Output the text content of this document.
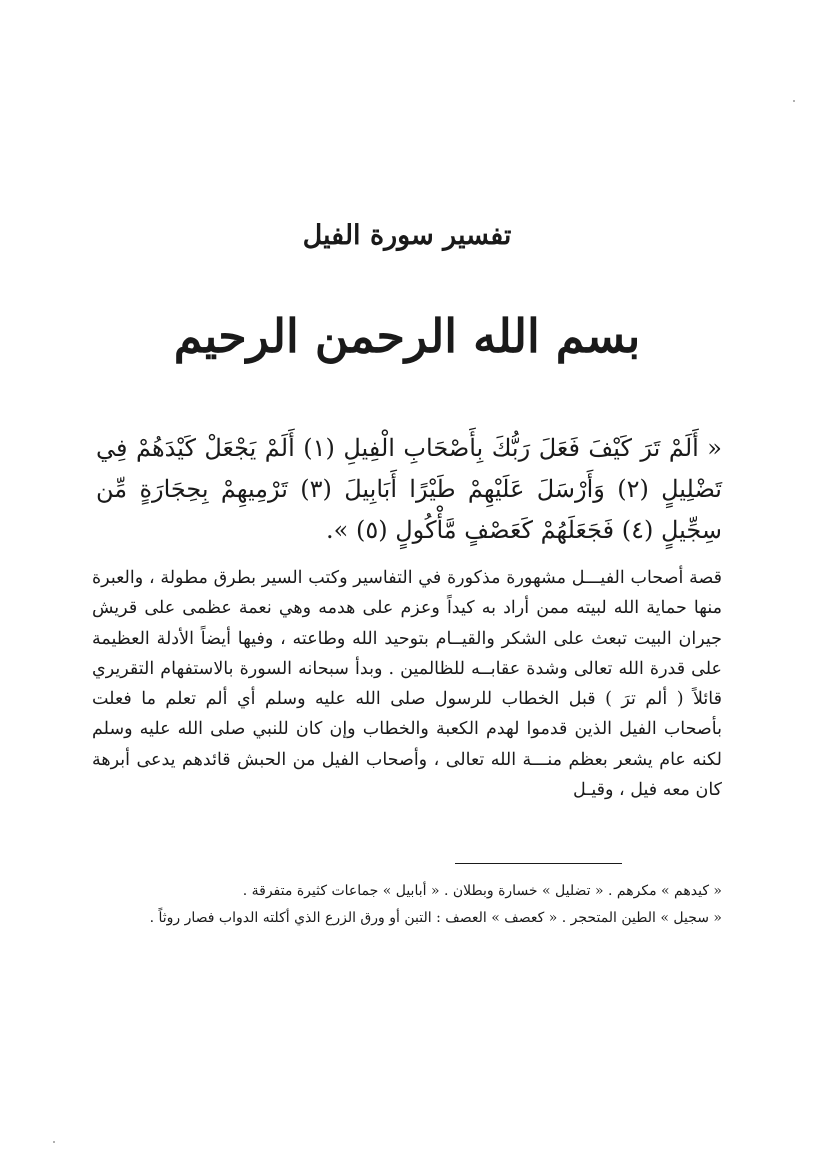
تفسير سورة الفيل
بسم الله الرحمن الرحيم
« أَلَمْ تَرَ كَيْفَ فَعَلَ رَبُّكَ بِأَصْحَابِ الْفِيلِ (١) أَلَمْ يَجْعَلْ كَيْدَهُمْ فِي تَضْلِيلٍ (٢) وَأَرْسَلَ عَلَيْهِمْ طَيْرًا أَبَابِيلَ (٣) تَرْمِيهِمْ بِحِجَارَةٍ مِّن سِجِّيلٍ (٤) فَجَعَلَهُمْ كَعَصْفٍ مَّأْكُولٍ (٥) ».
قصة أصحاب الفيـــل مشهورة مذكورة في التفاسير وكتب السير بطرق مطولة ، والعبرة منها حماية الله لبيته ممن أراد به كيداً وعزم على هدمه وهي نعمة عظمى على قريش جيران البيت تبعث على الشكر والقيــام بتوحيد الله وطاعته ، وفيها أيضاً الأدلة العظيمة على قدرة الله تعالى وشدة عقابــه للظالمين . وبدأ سبحانه السورة بالاستفهام التقريري قائلاً ( ألم ترَ ) قبل الخطاب للرسول صلى الله عليه وسلم أي ألم تعلم ما فعلت بأصحاب الفيل الذين قدموا لهدم الكعبة والخطاب وإن كان للنبي صلى الله عليه وسلم لكنه عام يشعر بعظم منـــة الله تعالى ، وأصحاب الفيل من الحبش قائدهم يدعى أبرهة كان معه فيل ، وقيـل

« كيدهم » مكرهم . « تضليل » خسارة وبطلان . « أبابيل » جماعات كثيرة متفرقة .

« سجيل » الطين المتحجر . « كعصف » العصف : التبن أو ورق الزرع الذي أكلته الدواب فصار روثاً .
